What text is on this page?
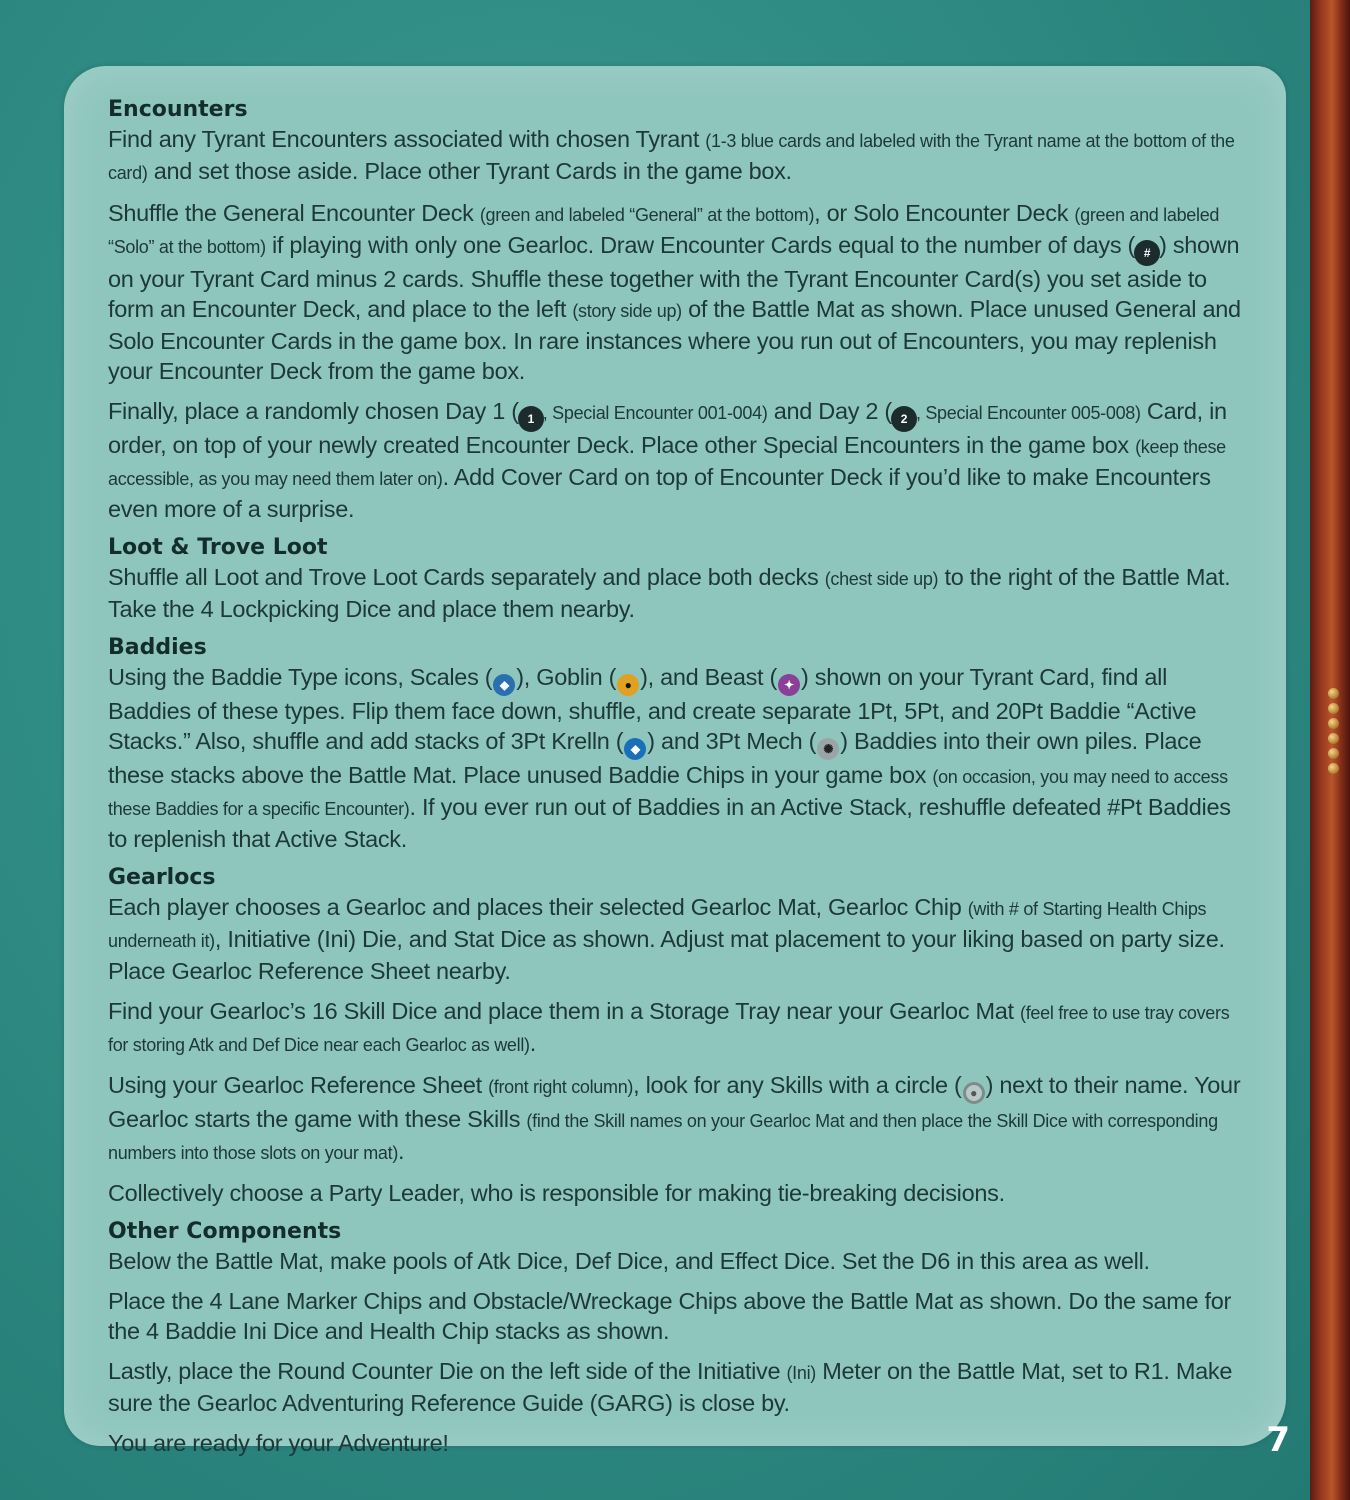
Encounters

Find any Tyrant Encounters associated with chosen Tyrant (1-3 blue cards and labeled with the Tyrant name at the bottom of the card) and set those aside. Place other Tyrant Cards in the game box.

Shuffle the General Encounter Deck (green and labeled “General” at the bottom), or Solo Encounter Deck (green and labeled “Solo” at the bottom) if playing with only one Gearloc. Draw Encounter Cards equal to the number of days ( # ) shown on your Tyrant Card minus 2 cards. Shuffle these together with the Tyrant Encounter Card(s) you set aside to form an Encounter Deck, and place to the left (story side up) of the Battle Mat as shown. Place unused General and Solo Encounter Cards in the game box. In rare instances where you run out of Encounters, you may replenish your Encounter Deck from the game box.

Finally, place a randomly chosen Day 1 ( 1 , Special Encounter 001-004) and Day 2 ( 2 , Special Encounter 005-008) Card, in order, on top of your newly created Encounter Deck. Place other Special Encounters in the game box (keep these accessible, as you may need them later on). Add Cover Card on top of Encounter Deck if you’d like to make Encounters even more of a surprise.

Loot & Trove Loot

Shuffle all Loot and Trove Loot Cards separately and place both decks (chest side up) to the right of the Battle Mat. Take the 4 Lockpicking Dice and place them nearby.

Baddies

Using the Baddie Type icons, Scales ( ◆ ), Goblin ( ● ), and Beast ( ✦ ) shown on your Tyrant Card, find all Baddies of these types. Flip them face down, shuffle, and create separate 1Pt, 5Pt, and 20Pt Baddie “Active Stacks.” Also, shuffle and add stacks of 3Pt Krelln ( ◆ ) and 3Pt Mech ( ✺ ) Baddies into their own piles. Place these stacks above the Battle Mat. Place unused Baddie Chips in your game box (on occasion, you may need to access these Baddies for a specific Encounter). If you ever run out of Baddies in an Active Stack, reshuffle defeated #Pt Baddies to replenish that Active Stack.

Gearlocs

Each player chooses a Gearloc and places their selected Gearloc Mat, Gearloc Chip (with # of Starting Health Chips underneath it), Initiative (Ini) Die, and Stat Dice as shown. Adjust mat placement to your liking based on party size. Place Gearloc Reference Sheet nearby.

Find your Gearloc’s 16 Skill Dice and place them in a Storage Tray near your Gearloc Mat (feel free to use tray covers for storing Atk and Def Dice near each Gearloc as well).

Using your Gearloc Reference Sheet (front right column), look for any Skills with a circle ( ● ) next to their name. Your Gearloc starts the game with these Skills (find the Skill names on your Gearloc Mat and then place the Skill Dice with corresponding numbers into those slots on your mat).

Collectively choose a Party Leader, who is responsible for making tie-breaking decisions.

Other Components

Below the Battle Mat, make pools of Atk Dice, Def Dice, and Effect Dice. Set the D6 in this area as well.

Place the 4 Lane Marker Chips and Obstacle/Wreckage Chips above the Battle Mat as shown. Do the same for the 4 Baddie Ini Dice and Health Chip stacks as shown.

Lastly, place the Round Counter Die on the left side of the Initiative (Ini) Meter on the Battle Mat, set to R1. Make sure the Gearloc Adventuring Reference Guide (GARG) is close by.

You are ready for your Adventure!	7
